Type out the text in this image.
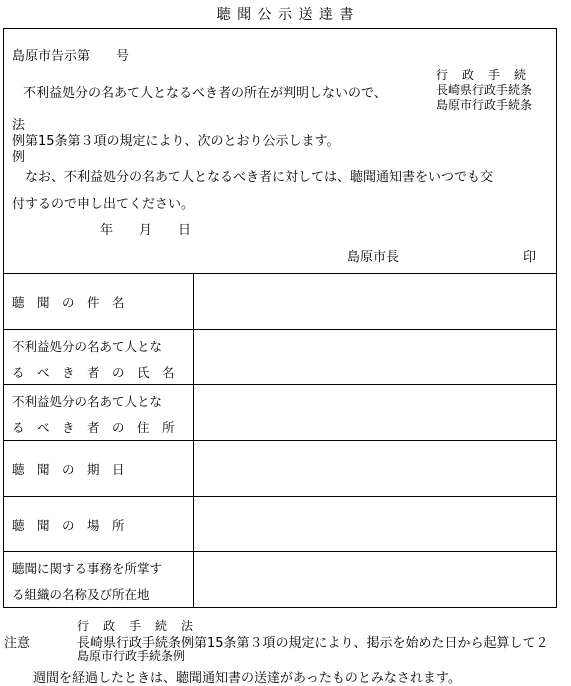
聴 聞 公 示 送 達 書
島原市告示第　　号
行　政　手　続
　不利益処分の名あて人となるべき者の所在が判明しないので、	長崎県行政手続条
島原市行政手続条
法
例第15条第３項の規定により、次のとおり公示します。
例
　なお、不利益処分の名あて人となるべき者に対しては、聴聞通知書をいつでも交
付するので申し出てください。
年　　月　　日
島原市長	印
聴　聞　の　件　名
不利益処分の名あて人とな
る　べ　き　者　の　氏　名
不利益処分の名あて人とな
る　べ　き　者　の　住　所
聴　聞　の　期　日
聴　聞　の　場　所
聴聞に関する事務を所掌す
る組織の名称及び所在地
行　政　手　続　法
注意	長崎県行政手続条例第15条第３項の規定により、掲示を始めた日から起算して２
島原市行政手続条例
週間を経過したときは、聴聞通知書の送達があったものとみなされます。
